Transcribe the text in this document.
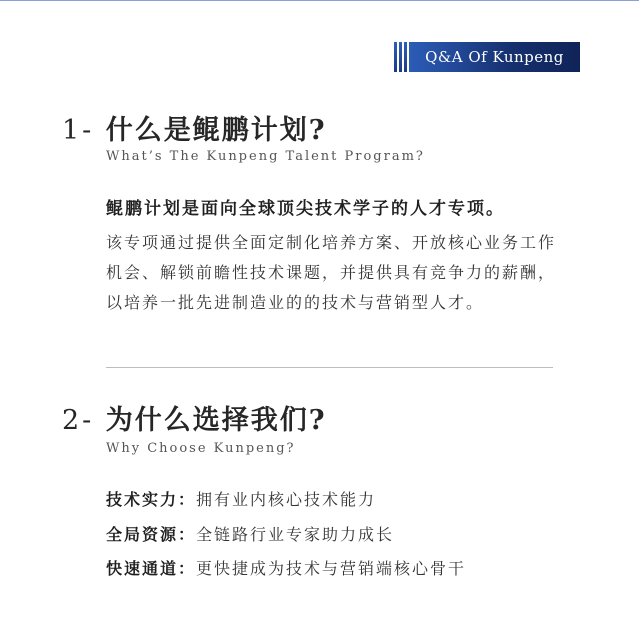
Q&A Of Kunpeng
1- 什么是鲲鹏计划?
What’s The Kunpeng Talent Program?
鲲鹏计划是面向全球顶尖技术学子的人才专项。
该专项通过提供全面定制化培养方案、开放核心业务工作机会、解锁前瞻性技术课题，并提供具有竞争力的薪酬，以培养一批先进制造业的的技术与营销型人才。
2- 为什么选择我们?
Why Choose Kunpeng?
技术实力：拥有业内核心技术能力
全局资源：全链路行业专家助力成长
快速通道：更快捷成为技术与营销端核心骨干
